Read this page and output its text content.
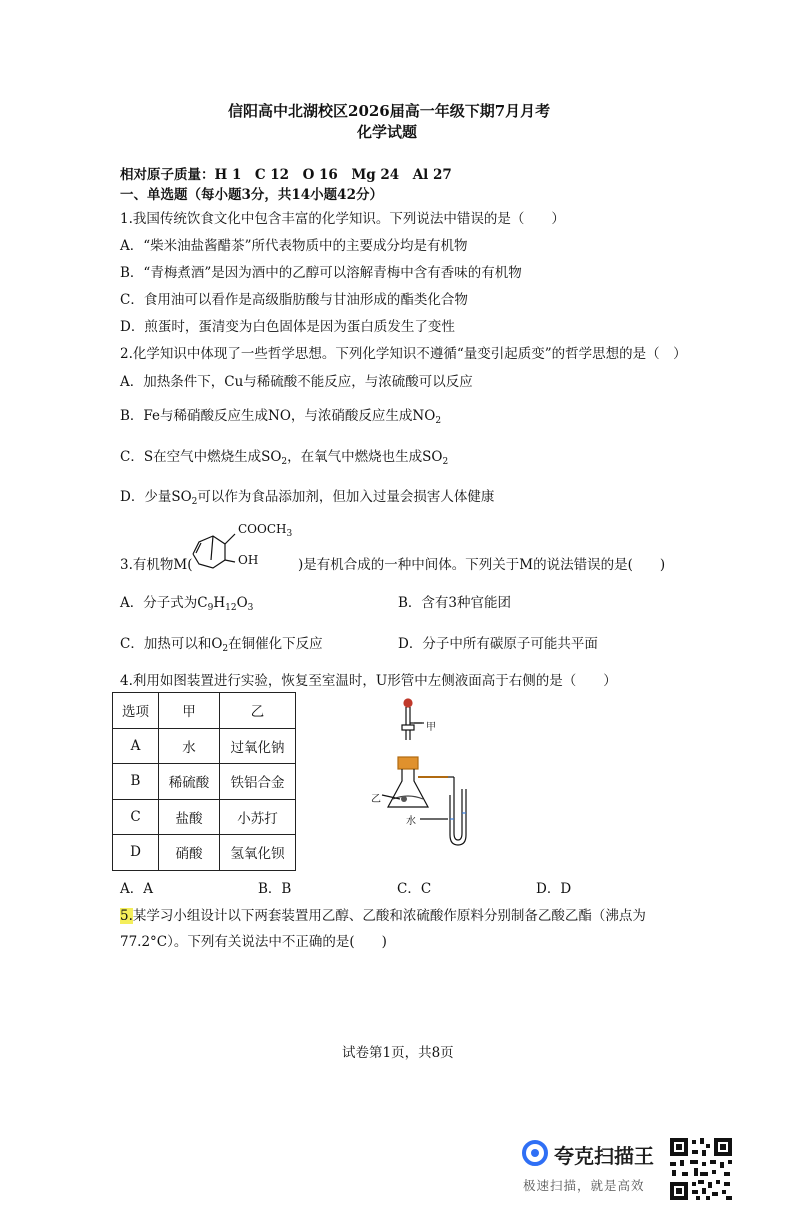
信阳高中北湖校区2026届高一年级下期7月月考
化学试题
相对原子质量：H 1　C 12　O 16　Mg 24　Al 27
一、单选题（每小题3分，共14小题42分）
1.我国传统饮食文化中包含丰富的化学知识。下列说法中错误的是（　　）
A．“柴米油盐酱醋茶”所代表物质中的主要成分均是有机物
B．“青梅煮酒”是因为酒中的乙醇可以溶解青梅中含有香味的有机物
C．食用油可以看作是高级脂肪酸与甘油形成的酯类化合物
D．煎蛋时，蛋清变为白色固体是因为蛋白质发生了变性
2.化学知识中体现了一些哲学思想。下列化学知识不遵循“量变引起质变”的哲学思想的是（　）
A．加热条件下，Cu与稀硫酸不能反应，与浓硫酸可以反应
B．Fe与稀硝酸反应生成NO，与浓硝酸反应生成$NO_2$
C．S在空气中燃烧生成$SO_2$，在氧气中燃烧也生成$SO_2$
D．少量$SO_2$可以作为食品添加剂，但加入过量会损害人体健康
3.有机物M(
$COOCH_3$
OH	)是有机合成的一种中间体。下列关于M的说法错误的是(　　)
A．分子式为$C_9H_{12}O_3$	B．含有3种官能团
C．加热可以和$O_2$在铜催化下反应	D．分子中所有碳原子可能共平面
4.利用如图装置进行实验，恢复至室温时，U形管中左侧液面高于右侧的是（　　）
选项	甲	乙
A	水	过氧化钠
B	稀硫酸	铁铝合金
C	盐酸	小苏打
D	硝酸	氢氧化钡
甲
乙
水
A．A	B．B	C．C	D．D
5.某学习小组设计以下两套装置用乙醇、乙酸和浓硫酸作原料分别制备乙酸乙酯（沸点为
77.2°C）。下列有关说法中不正确的是(　　)
试卷第1页，共8页
夸克扫描王
极速扫描，就是高效
